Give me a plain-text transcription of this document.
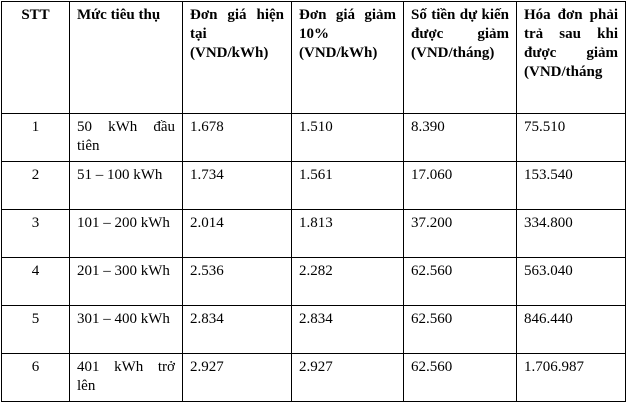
STT	Mức tiêu thụ	Đơn giá hiện tại (VND/kWh)	Đơn giá giảm 10% (VND/kWh)	Số tiền dự kiến được giảm (VND/tháng)	Hóa đơn phải trả sau khi được giảm (VND/tháng
1	50 kWh đầu tiên	1.678	1.510	8.390	75.510
2	51 – 100 kWh	1.734	1.561	17.060	153.540
3	101 – 200 kWh	2.014	1.813	37.200	334.800
4	201 – 300 kWh	2.536	2.282	62.560	563.040
5	301 – 400 kWh	2.834	2.834	62.560	846.440
6	401 kWh trở lên	2.927	2.927	62.560	1.706.987
